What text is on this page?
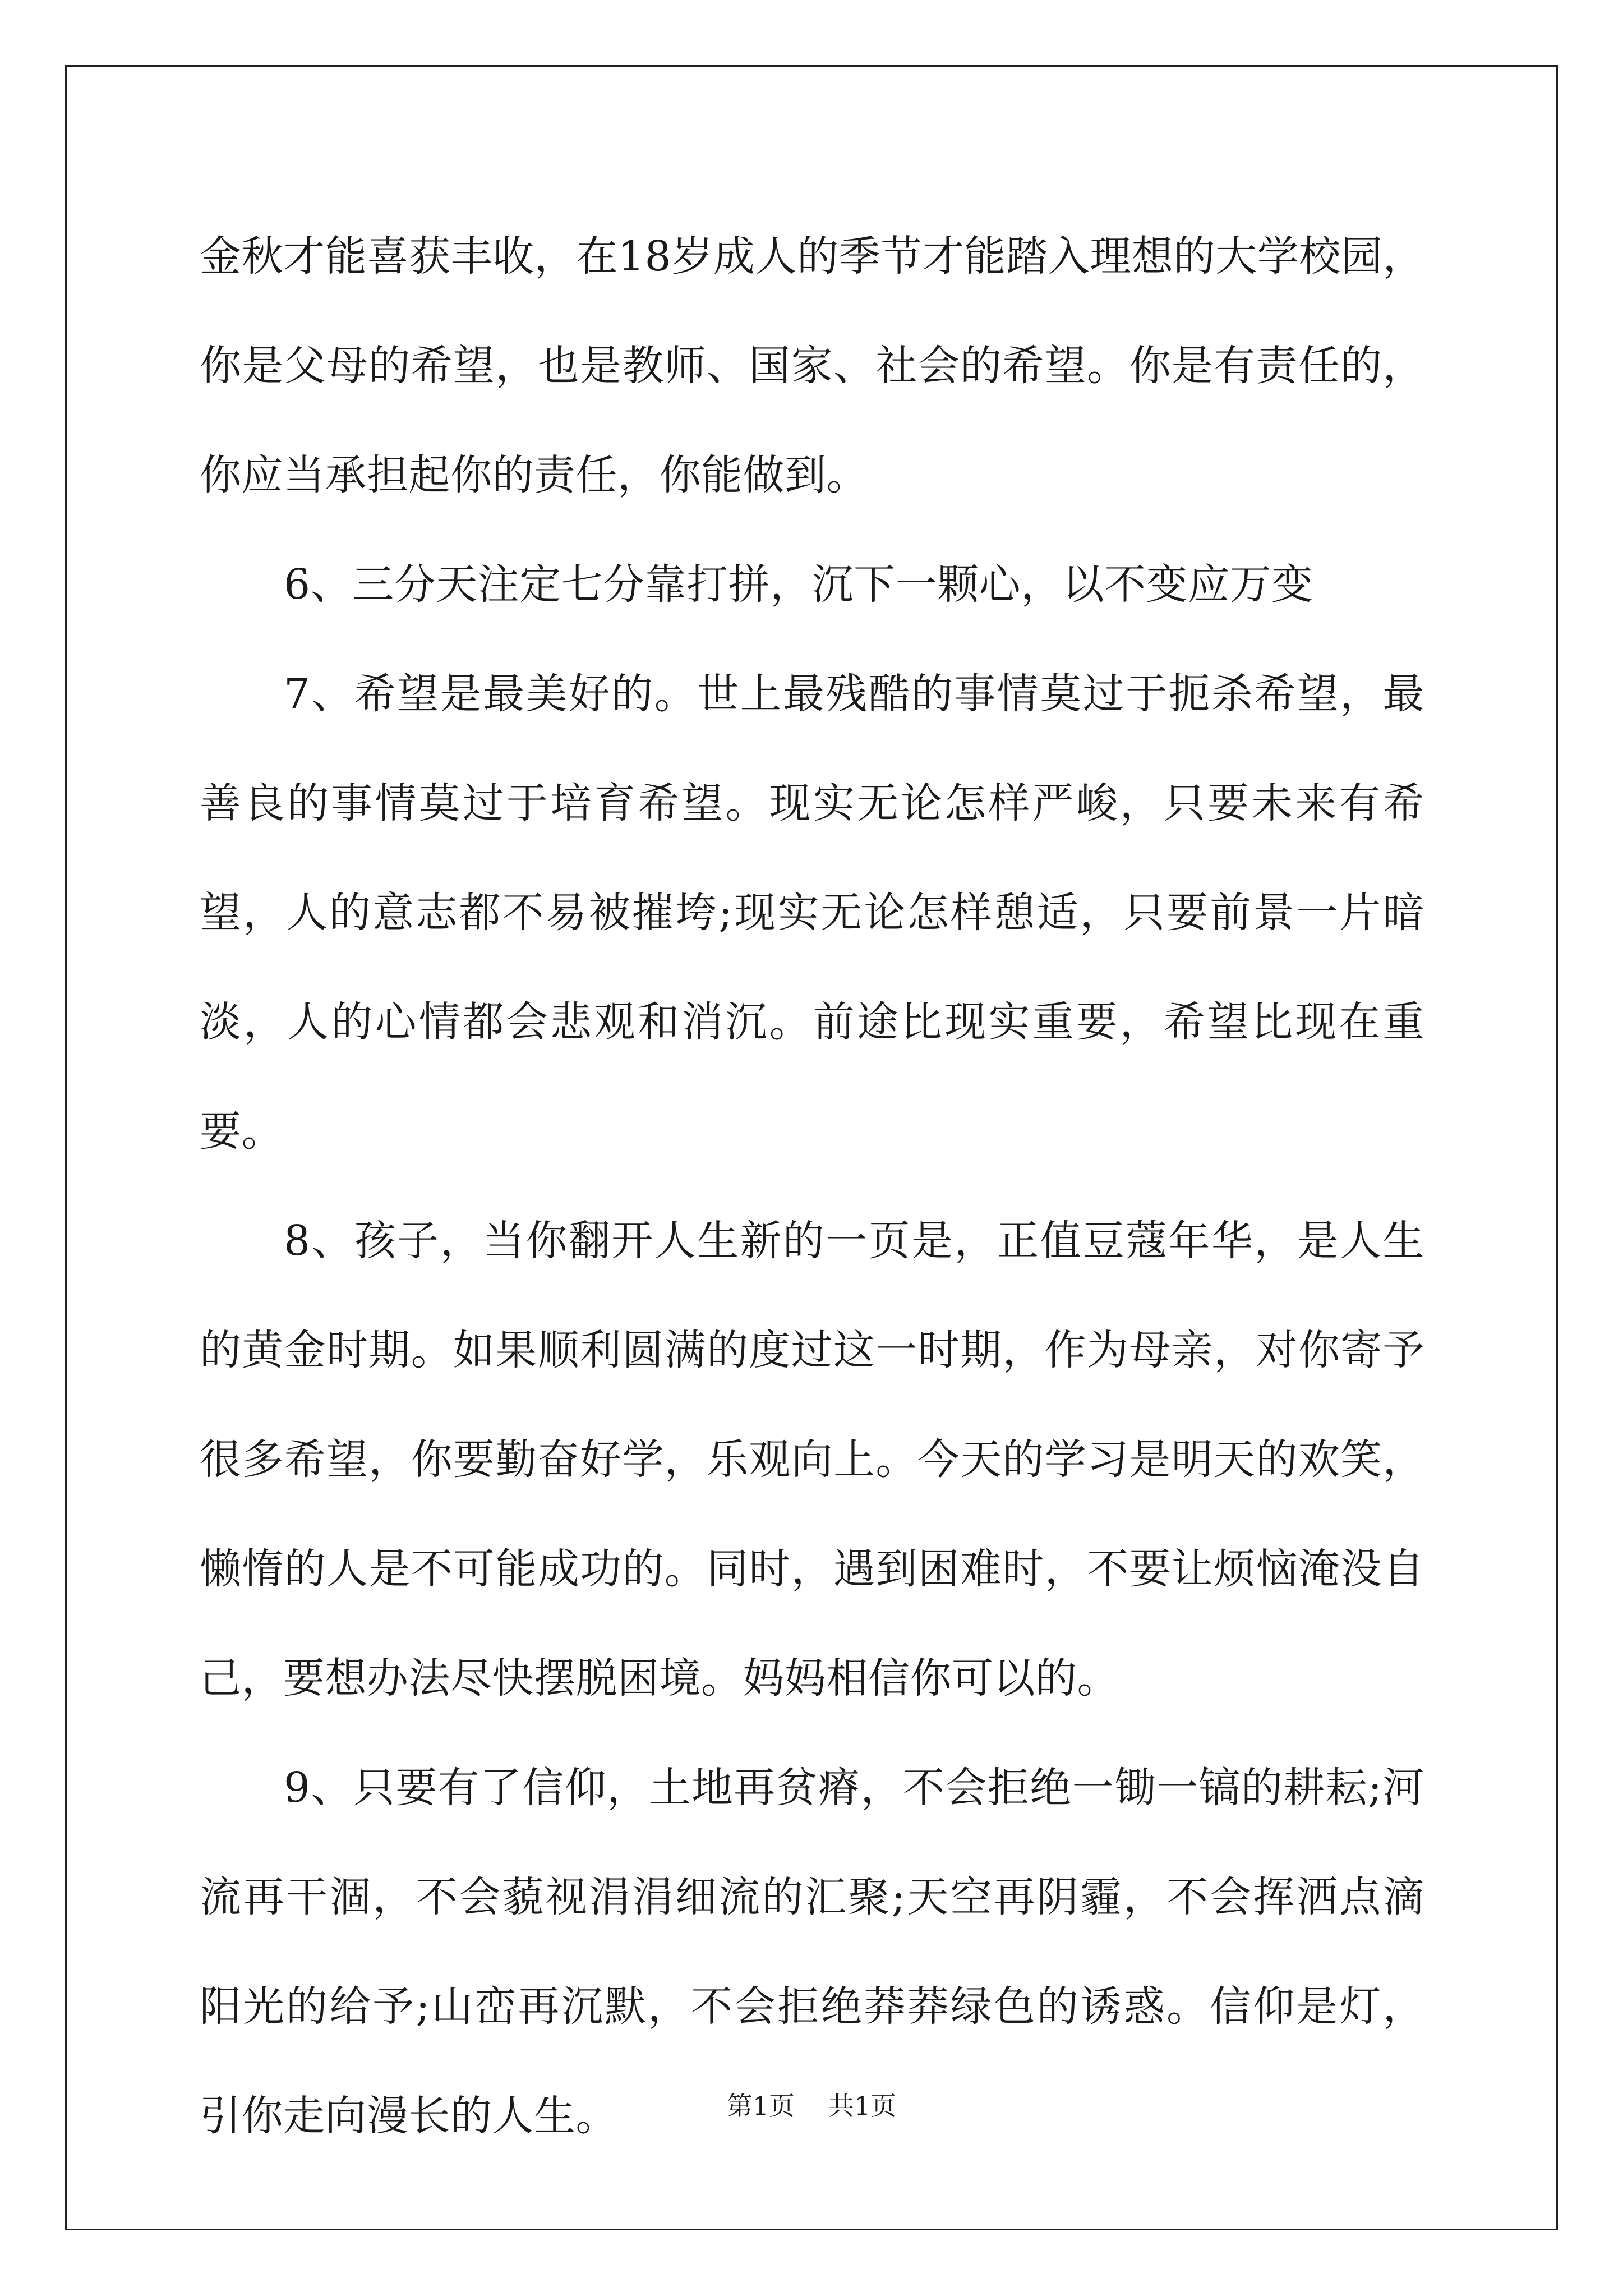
金秋才能喜获丰收，在18岁成人的季节才能踏入理想的大学校园，你是父母的希望，也是教师、国家、社会的希望。你是有责任的，你应当承担起你的责任，你能做到。

6、三分天注定七分靠打拼，沉下一颗心，以不变应万变

7、希望是最美好的。世上最残酷的事情莫过于扼杀希望，最善良的事情莫过于培育希望。现实无论怎样严峻，只要未来有希望，人的意志都不易被摧垮;现实无论怎样憩适，只要前景一片暗淡，人的心情都会悲观和消沉。前途比现实重要，希望比现在重要。

8、孩子，当你翻开人生新的一页是，正值豆蔻年华，是人生的黄金时期。如果顺利圆满的度过这一时期，作为母亲，对你寄予很多希望，你要勤奋好学，乐观向上。今天的学习是明天的欢笑，懒惰的人是不可能成功的。同时，遇到困难时，不要让烦恼淹没自己，要想办法尽快摆脱困境。妈妈相信你可以的。

9、只要有了信仰，土地再贫瘠，不会拒绝一锄一镐的耕耘;河流再干涸，不会藐视涓涓细流的汇聚;天空再阴霾，不会挥洒点滴阳光的给予;山峦再沉默，不会拒绝莽莽绿色的诱惑。信仰是灯，引你走向漫长的人生。	第1页 共1页
